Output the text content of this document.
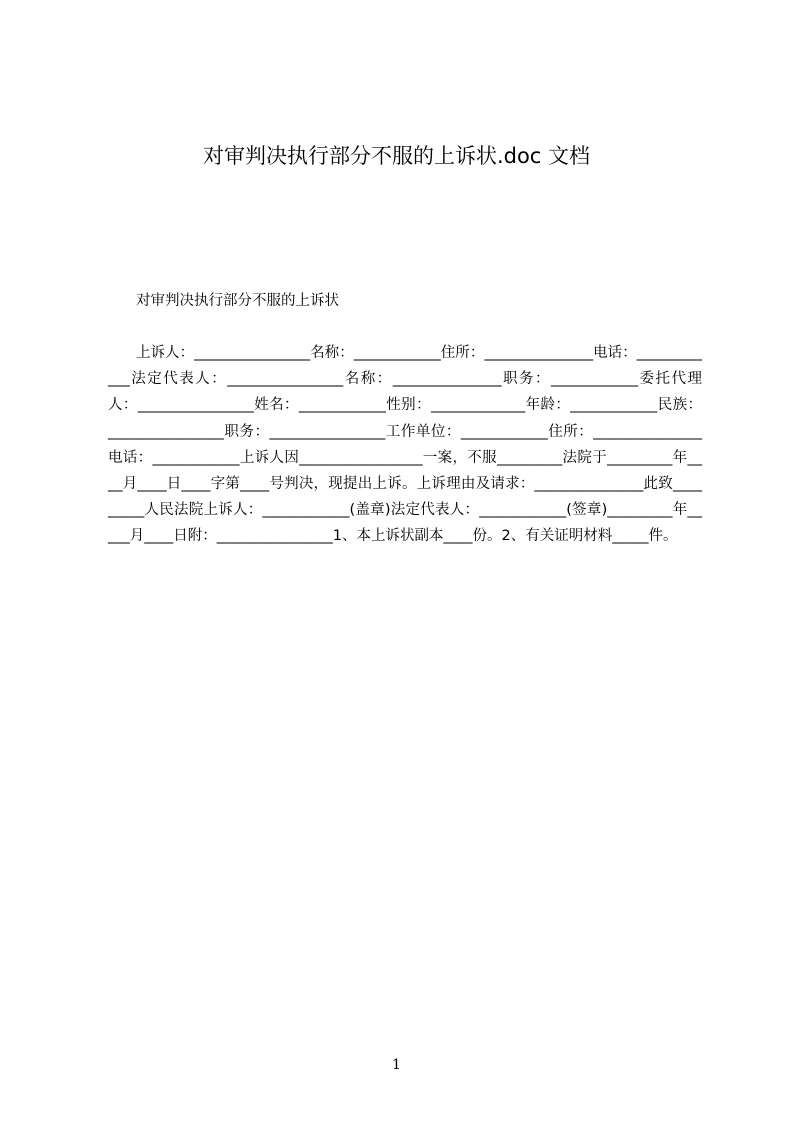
对审判决执行部分不服的上诉状.doc 文档

对审判决执行部分不服的上诉状

上诉人：________________名称：____________住所：_______________电话：____________法定代表人：________________名称：_______________职务：____________委托代理人：________________姓名：____________性别：_____________年龄：____________民族：________________职务：________________工作单位：____________住所：_______________电话：____________上诉人因_________________一案，不服_________法院于_________年____月____日____字第____号判决，现提出上诉。上诉理由及请求：_______________此致_________人民法院上诉人：____________(盖章)法定代表人：____________(签章)_________年_____月____日附：________________1、本上诉状副本____份。2、有关证明材料_____件。

1
